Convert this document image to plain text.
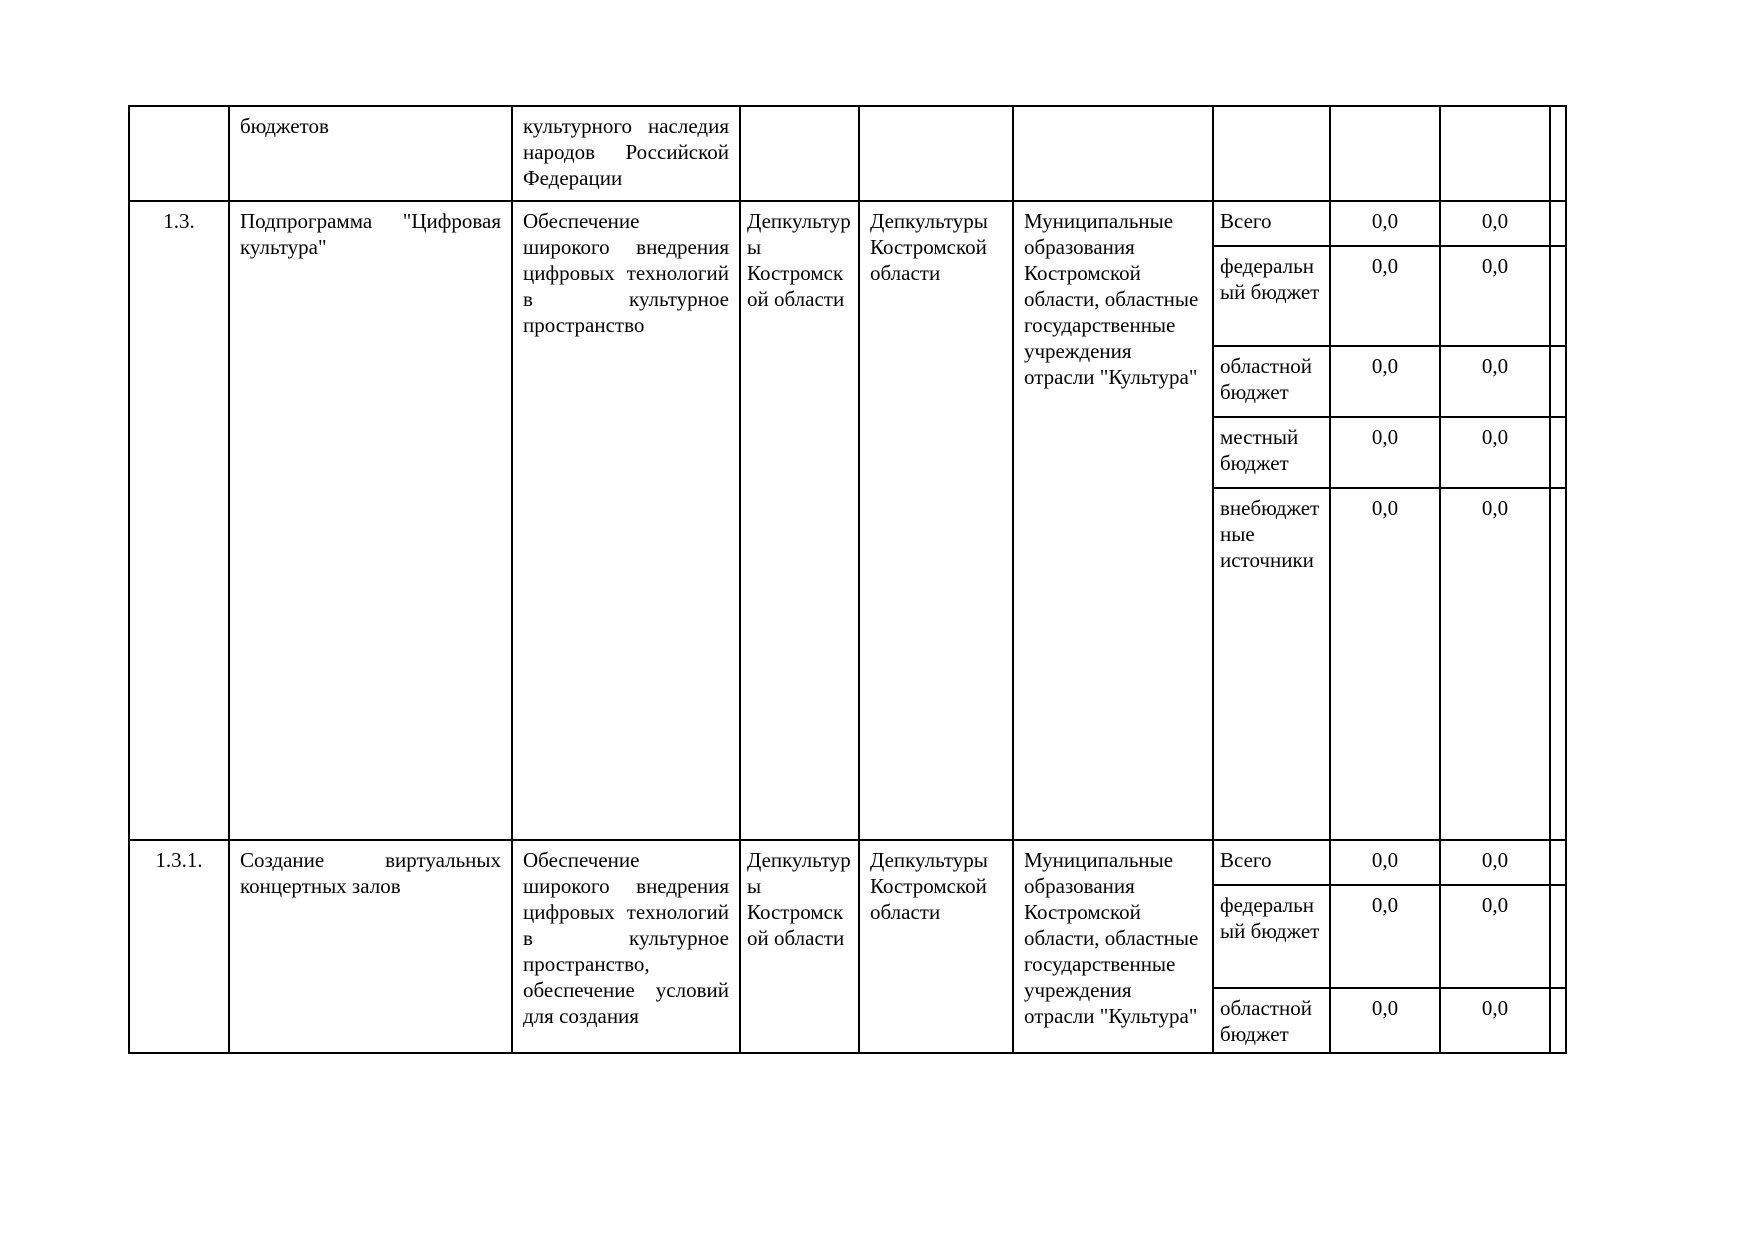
	бюджетов	культурного наследия народов Российской Федерации							
1.3.	Подпрограмма "Цифровая культура"	Обеспечение широкого внедрения цифровых технологий в культурное пространство	Депкультуры Костромской области	Депкультуры Костромской области	Муниципальные образования Костромской области, областные государственные учреждения отрасли "Культура"	Всего	0,0	0,0	
						федеральный бюджет	0,0	0,0	
						областной бюджет	0,0	0,0	
						местный бюджет	0,0	0,0	
						внебюджетные источники	0,0	0,0	
1.3.1.	Создание виртуальных концертных залов	Обеспечение широкого внедрения цифровых технологий в культурное пространство, обеспечение условий для создания	Депкультуры Костромской области	Депкультуры Костромской области	Муниципальные образования Костромской области, областные государственные учреждения отрасли "Культура"	Всего	0,0	0,0	
						федеральный бюджет	0,0	0,0	
						областной бюджет	0,0	0,0	
